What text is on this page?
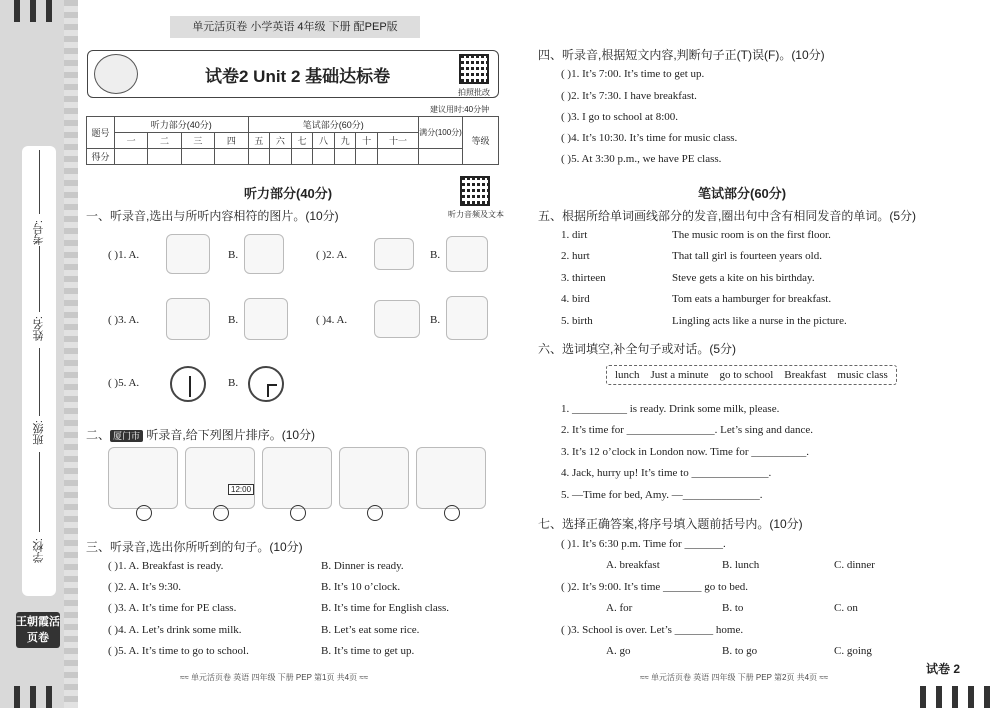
考号:
姓名:
班级:
学校:
王朝霞活页卷
单元活页卷 小学英语 4年级 下册 配PEP版
试卷2 Unit 2 基础达标卷
拍照批改
建议用时:40分钟
题号	听力部分(40分)				笔试部分(60分)							满分(100分)	等级
	一	二	三	四	五	六	七	八	九	十	十一		
得分													
听力部分(40分)
听力音频及文本
一、听录音,选出与所听内容相符的图片。(10分)
( )1. A.	B.	( )2. A.	B.
( )3. A.	B.	( )4. A.	B.
( )5. A.	B.
二、 厦门市 听录音,给下列图片排序。(10分)
12:00
三、听录音,选出你所听到的句子。(10分)
( )1. A. Breakfast is ready.	B. Dinner is ready.
( )2. A. It’s 9:30.	B. It’s 10 o’clock.
( )3. A. It’s time for PE class.	B. It’s time for English class.
( )4. A. Let’s drink some milk.	B. Let’s eat some rice.
( )5. A. It’s time to go to school.	B. It’s time to get up.
≈≈ 单元活页卷 英语 四年级 下册 PEP 第1页 共4页 ≈≈
四、听录音,根据短文内容,判断句子正(T)误(F)。(10分)
( )1. It’s 7:00. It’s time to get up.
( )2. It’s 7:30. I have breakfast.
( )3. I go to school at 8:00.
( )4. It’s 10:30. It’s time for music class.
( )5. At 3:30 p.m., we have PE class.
笔试部分(60分)
五、根据所给单词画线部分的发音,圈出句中含有相同发音的单词。(5分)
1. dirt	The music room is on the first floor.
2. hurt	That tall girl is fourteen years old.
3. thirteen	Steve gets a kite on his birthday.
4. bird	Tom eats a hamburger for breakfast.
5. birth	Lingling acts like a nurse in the picture.
六、选词填空,补全句子或对话。(5分)
lunch    Just a minute    go to school    Breakfast    music class
1. __________ is ready. Drink some milk, please.
2. It’s time for ________________. Let’s sing and dance.
3. It’s 12 o’clock in London now. Time for __________.
4. Jack, hurry up! It’s time to ______________.
5. —Time for bed, Amy. —______________.
七、选择正确答案,将序号填入题前括号内。(10分)
( )1. It’s 6:30 p.m. Time for _______.
A. breakfast	B. lunch	C. dinner
( )2. It’s 9:00. It’s time _______ go to bed.
A. for	B. to	C. on
( )3. School is over. Let’s _______ home.
A. go	B. to go	C. going
≈≈ 单元活页卷 英语 四年级 下册 PEP 第2页 共4页 ≈≈
试卷 2
